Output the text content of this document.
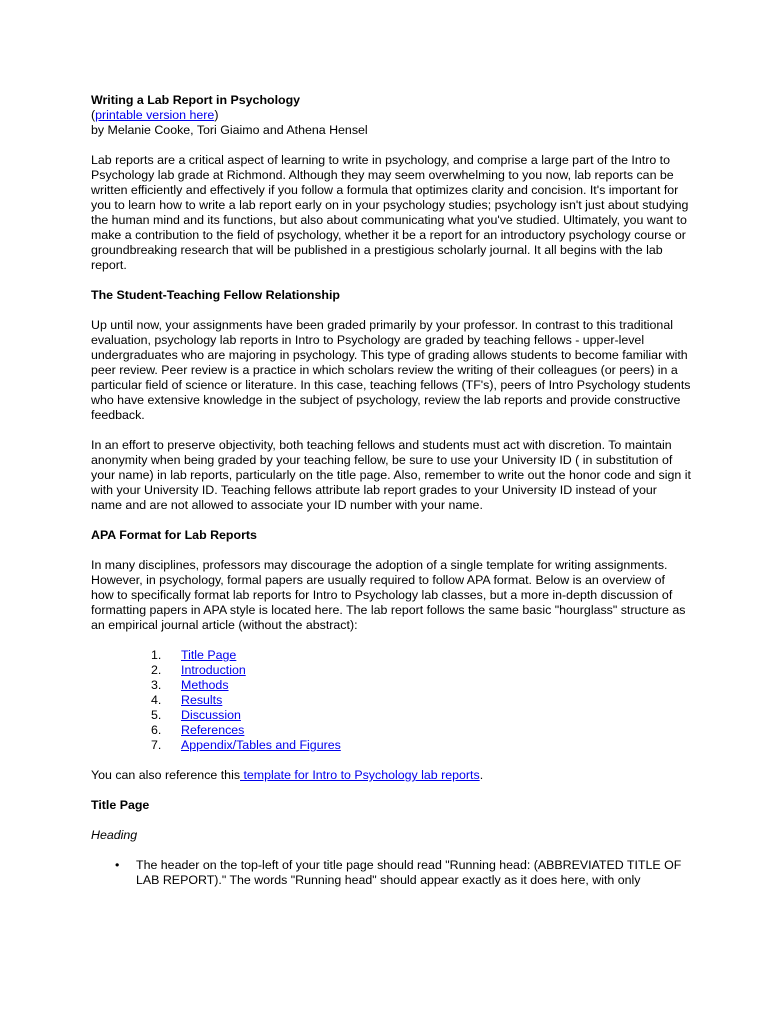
Writing a Lab Report in Psychology

(printable version here)

by Melanie Cooke, Tori Giaimo and Athena Hensel

Lab reports are a critical aspect of learning to write in psychology, and comprise a large part of the Intro to Psychology lab grade at Richmond. Although they may seem overwhelming to you now, lab reports can be written efficiently and effectively if you follow a formula that optimizes clarity and concision. It's important for you to learn how to write a lab report early on in your psychology studies; psychology isn't just about studying the human mind and its functions, but also about communicating what you've studied. Ultimately, you want to make a contribution to the field of psychology, whether it be a report for an introductory psychology course or groundbreaking research that will be published in a prestigious scholarly journal. It all begins with the lab report.

The Student-Teaching Fellow Relationship

Up until now, your assignments have been graded primarily by your professor. In contrast to this traditional evaluation, psychology lab reports in Intro to Psychology are graded by teaching fellows - upper-level undergraduates who are majoring in psychology. This type of grading allows students to become familiar with peer review. Peer review is a practice in which scholars review the writing of their colleagues (or peers) in a particular field of science or literature. In this case, teaching fellows (TF's), peers of Intro Psychology students who have extensive knowledge in the subject of psychology, review the lab reports and provide constructive feedback.

In an effort to preserve objectivity, both teaching fellows and students must act with discretion. To maintain anonymity when being graded by your teaching fellow, be sure to use your University ID ( in substitution of your name) in lab reports, particularly on the title page. Also, remember to write out the honor code and sign it with your University ID. Teaching fellows attribute lab report grades to your University ID instead of your name and are not allowed to associate your ID number with your name.

APA Format for Lab Reports

In many disciplines, professors may discourage the adoption of a single template for writing assignments. However, in psychology, formal papers are usually required to follow APA format. Below is an overview of how to specifically format lab reports for Intro to Psychology lab classes, but a more in-depth discussion of formatting papers in APA style is located here. The lab report follows the same basic "hourglass" structure as an empirical journal article (without the abstract):

1.	Title Page
2.	Introduction
3.	Methods
4.	Results
5.	Discussion
6.	References
7.	Appendix/Tables and Figures

You can also reference this template for Intro to Psychology lab reports.

Title Page
Heading
• The header on the top-left of your title page should read "Running head: (ABBREVIATED TITLE OF LAB REPORT)." The words "Running head" should appear exactly as it does here, with only
